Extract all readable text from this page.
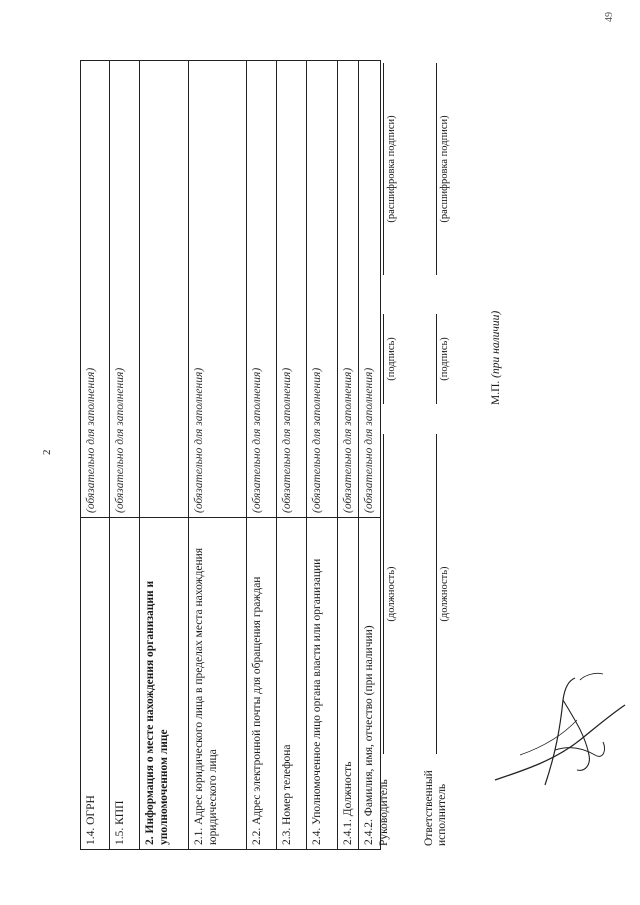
2
49
1.4. ОГРН	(обязательно для заполнения)
1.5. КПП	(обязательно для заполнения)
2. Информация о месте нахождения организации и уполномоченном лице	
2.1. Адрес юридического лица в пределах места нахождения юридического лица	(обязательно для заполнения)
2.2. Адрес электронной почты для обращения граждан	(обязательно для заполнения)
2.3. Номер телефона	(обязательно для заполнения)
2.4. Уполномоченное лицо органа власти или организации	(обязательно для заполнения)
2.4.1. Должность	(обязательно для заполнения)
2.4.2. Фамилия, имя, отчество (при наличии)	(обязательно для заполнения)
Руководитель
(должность)
(подпись)
(расшифровка подписи)
Ответственный исполнитель
(должность)
(подпись)
(расшифровка подписи)
М.П. (при наличии)
